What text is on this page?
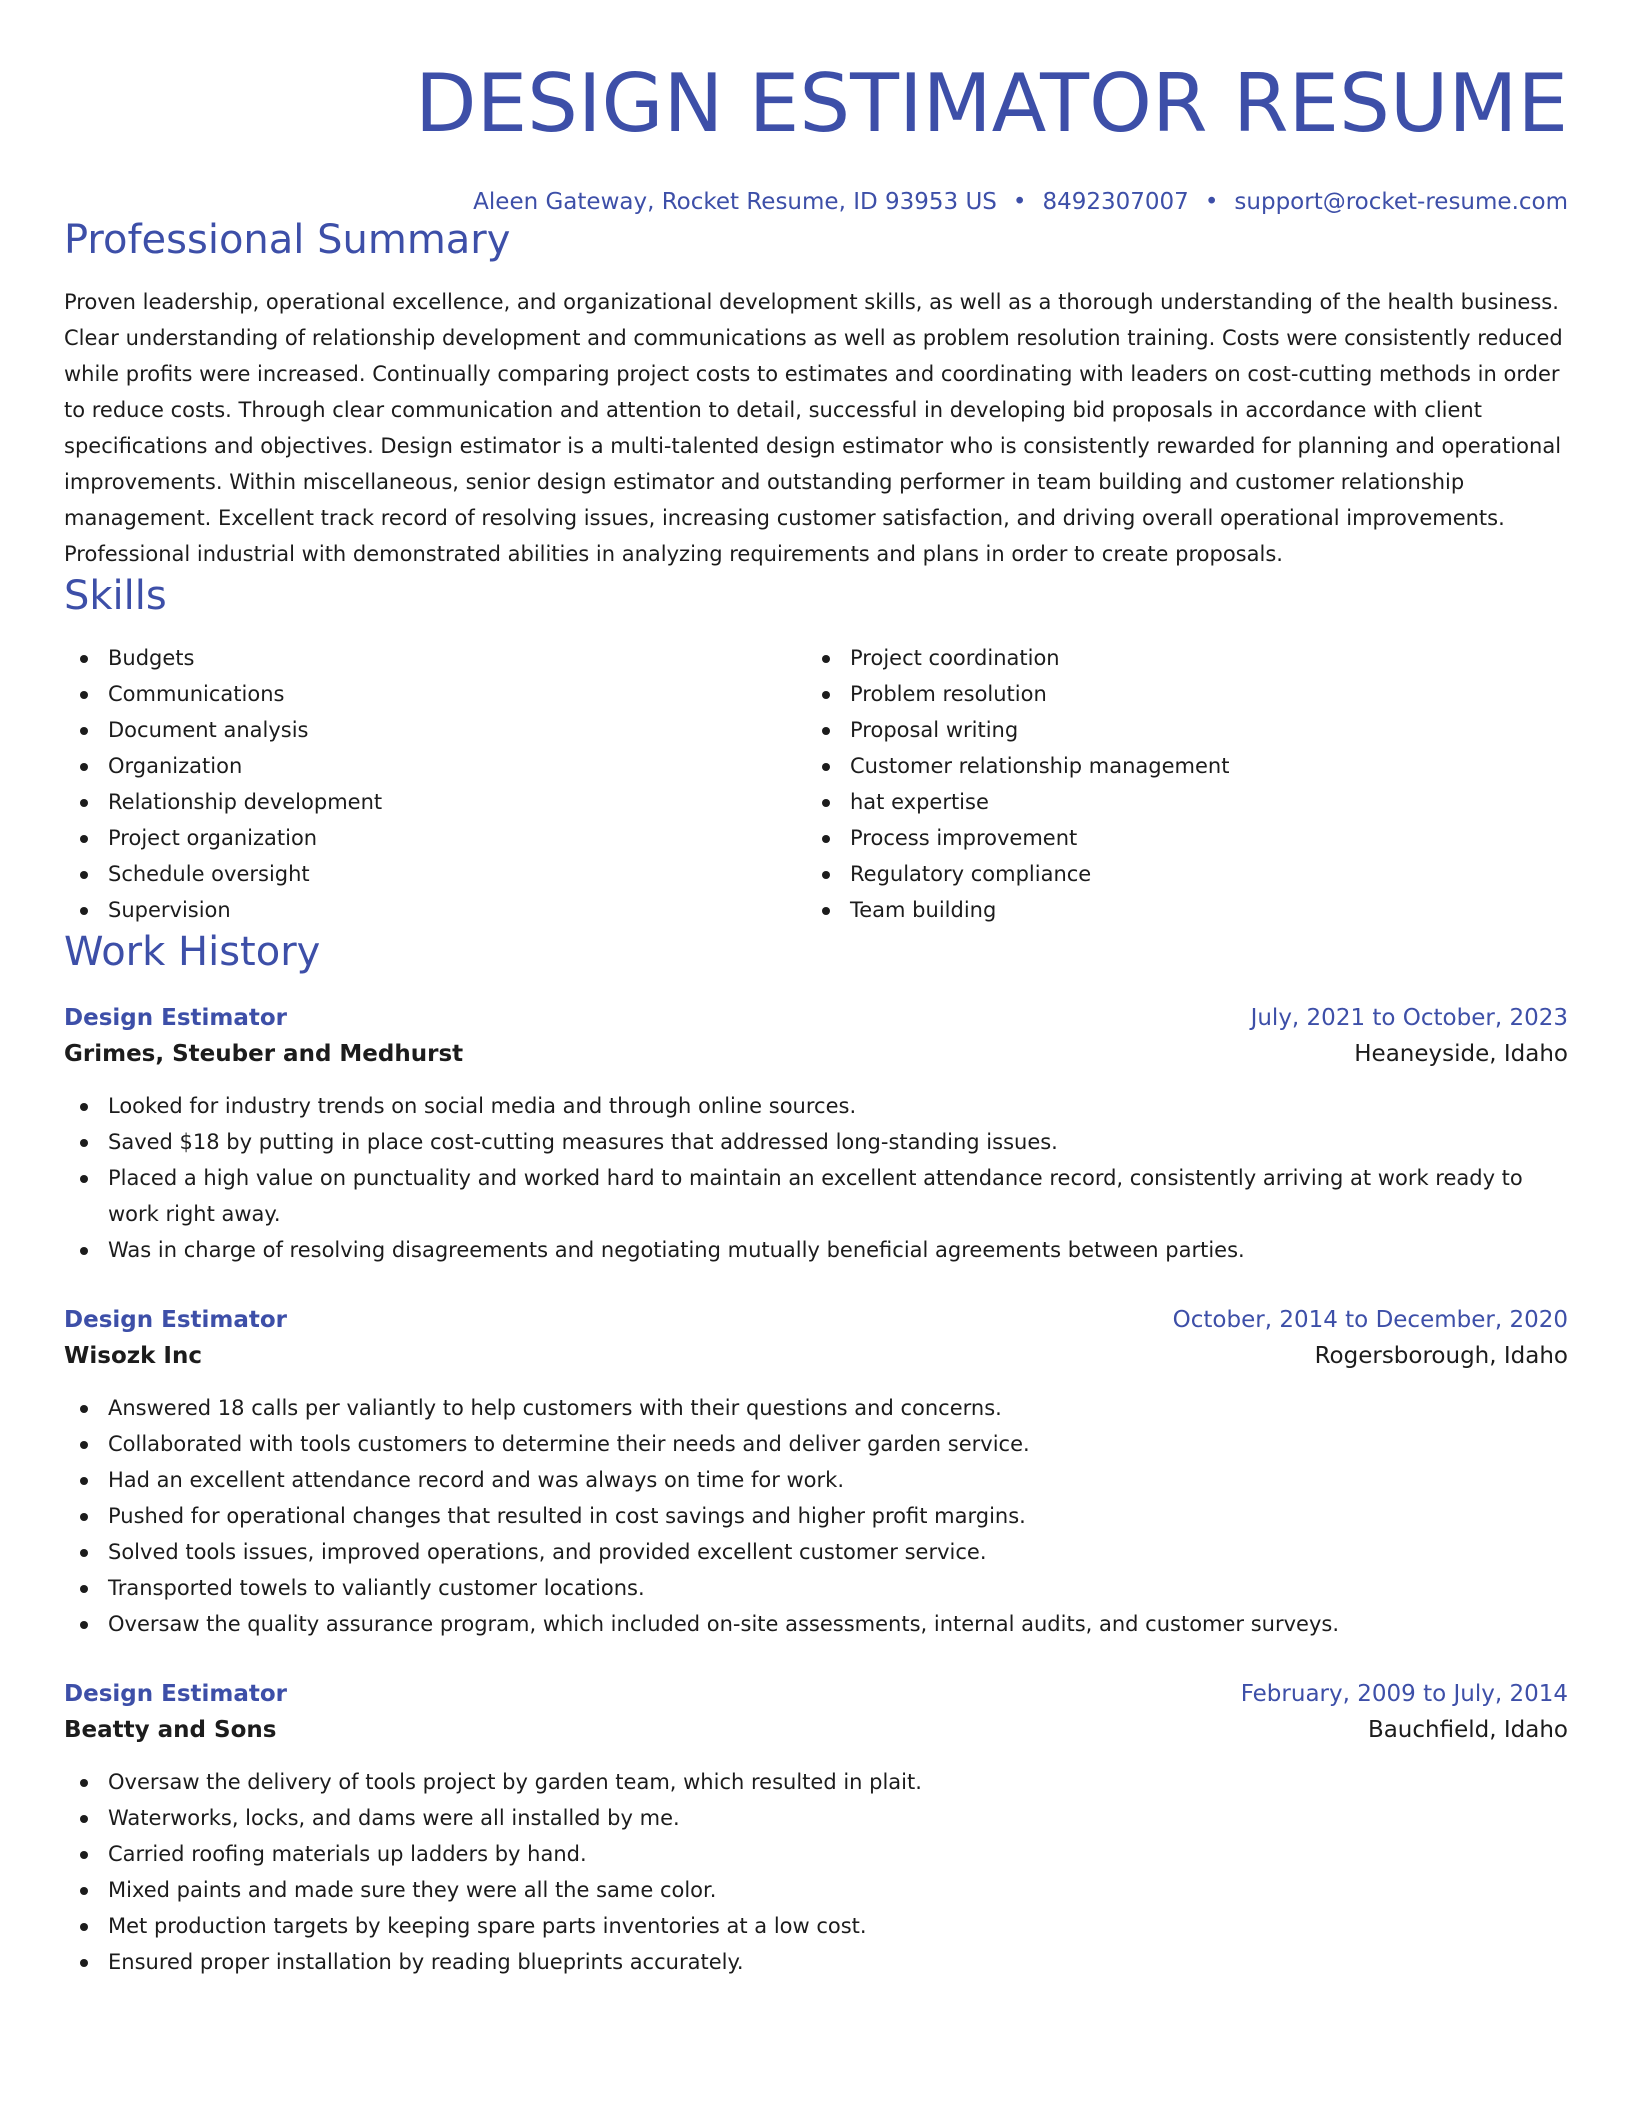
DESIGN ESTIMATOR RESUME
Aleen Gateway, Rocket Resume, ID 93953 US • 8492307007 • support@rocket-resume.com
Professional Summary
Proven leadership, operational excellence, and organizational development skills, as well as a thorough understanding of the health business. Clear understanding of relationship development and communications as well as problem resolution training. Costs were consistently reduced while profits were increased. Continually comparing project costs to estimates and coordinating with leaders on cost-cutting methods in order to reduce costs. Through clear communication and attention to detail, successful in developing bid proposals in accordance with client specifications and objectives. Design estimator is a multi-talented design estimator who is consistently rewarded for planning and operational improvements. Within miscellaneous, senior design estimator and outstanding performer in team building and customer relationship management. Excellent track record of resolving issues, increasing customer satisfaction, and driving overall operational improvements. Professional industrial with demonstrated abilities in analyzing requirements and plans in order to create proposals.
Skills
Budgets
Communications
Document analysis
Organization
Relationship development
Project organization
Schedule oversight
Supervision
Project coordination
Problem resolution
Proposal writing
Customer relationship management
hat expertise
Process improvement
Regulatory compliance
Team building
Work History
Design Estimator	July, 2021 to October, 2023
Grimes, Steuber and Medhurst	Heaneyside, Idaho
Looked for industry trends on social media and through online sources.
Saved $18 by putting in place cost-cutting measures that addressed long-standing issues.
Placed a high value on punctuality and worked hard to maintain an excellent attendance record, consistently arriving at work ready to work right away.
Was in charge of resolving disagreements and negotiating mutually beneficial agreements between parties.
Design Estimator	October, 2014 to December, 2020
Wisozk Inc	Rogersborough, Idaho
Answered 18 calls per valiantly to help customers with their questions and concerns.
Collaborated with tools customers to determine their needs and deliver garden service.
Had an excellent attendance record and was always on time for work.
Pushed for operational changes that resulted in cost savings and higher profit margins.
Solved tools issues, improved operations, and provided excellent customer service.
Transported towels to valiantly customer locations.
Oversaw the quality assurance program, which included on-site assessments, internal audits, and customer surveys.
Design Estimator	February, 2009 to July, 2014
Beatty and Sons	Bauchfield, Idaho
Oversaw the delivery of tools project by garden team, which resulted in plait.
Waterworks, locks, and dams were all installed by me.
Carried roofing materials up ladders by hand.
Mixed paints and made sure they were all the same color.
Met production targets by keeping spare parts inventories at a low cost.
Ensured proper installation by reading blueprints accurately.
